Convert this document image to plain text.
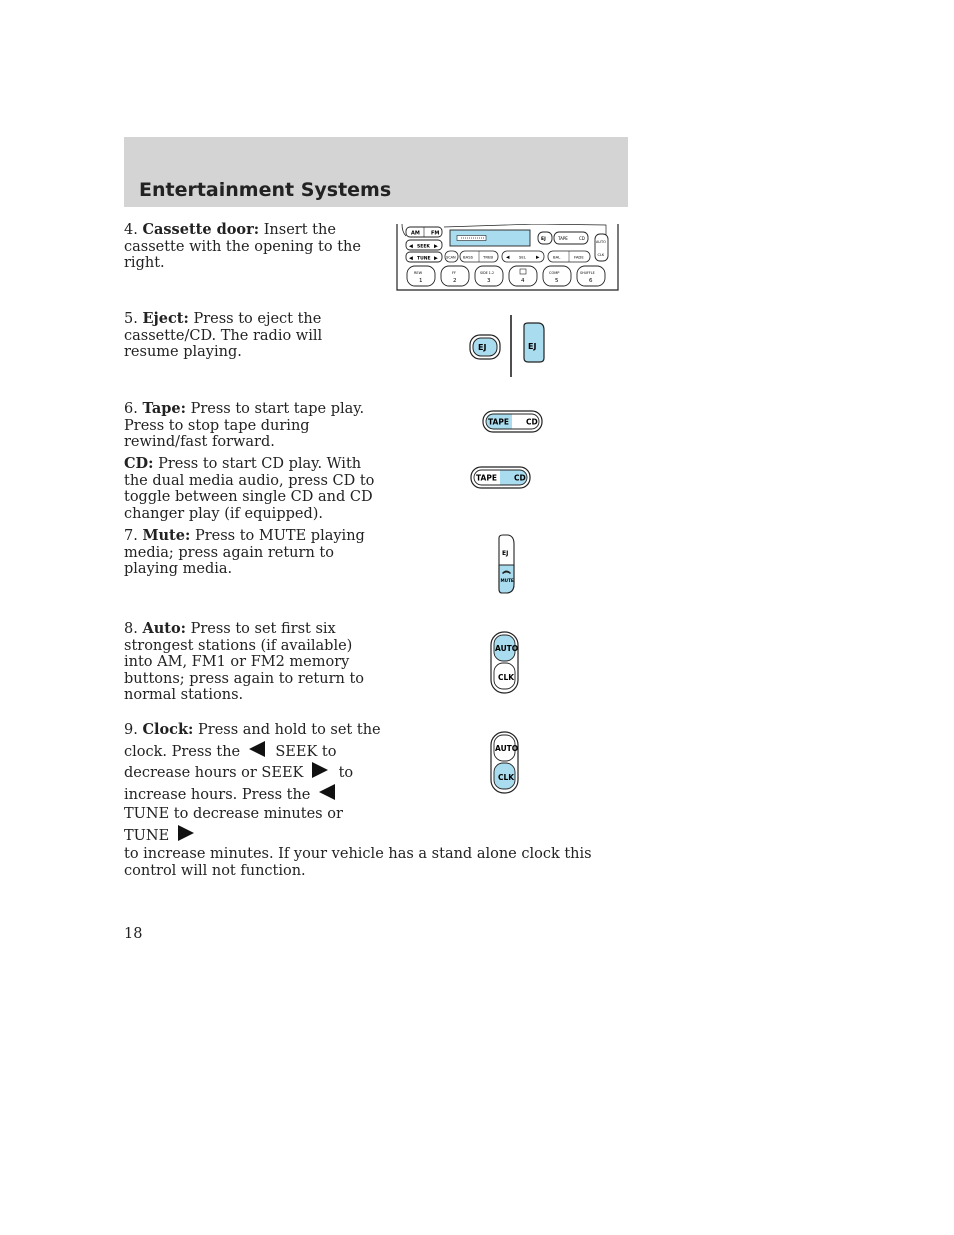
Entertainment Systems
4. Cassette door: Insert the cassette with the opening to the right.
5. Eject: Press to eject the cassette/CD. The radio will resume playing.
6. Tape: Press to start tape play. Press to stop tape during rewind/fast forward.
CD: Press to start CD play. With the dual media audio, press CD to toggle between single CD and CD changer play (if equipped).
7. Mute: Press to MUTE playing media; press again return to playing media.
8. Auto: Press to set first six strongest stations (if available) into AM, FM1 or FM2 memory buttons; press again to return to normal stations.
9. Clock: Press and hold to set the clock. Press the SEEK to decrease hours or SEEK to increase hours. Press the  TUNE to decrease minutes or TUNE
to increase minutes. If your vehicle has a stand alone clock this control will not function.
AM FM
◀ SEEK ▶
◀ TUNE ▶
EJ	TAPE	CD
AUTO
CLK
SCAN BASS	TREB	◀	SEL ▶	BAL	FADE
REW
1
FF
2
SIDE 1-2
3	4
COMP
5
SHUFFLE
6
EJ	EJ
TAPE CD
TAPE CD
EJ
MUTE
AUTO
CLK
AUTO
CLK
18
